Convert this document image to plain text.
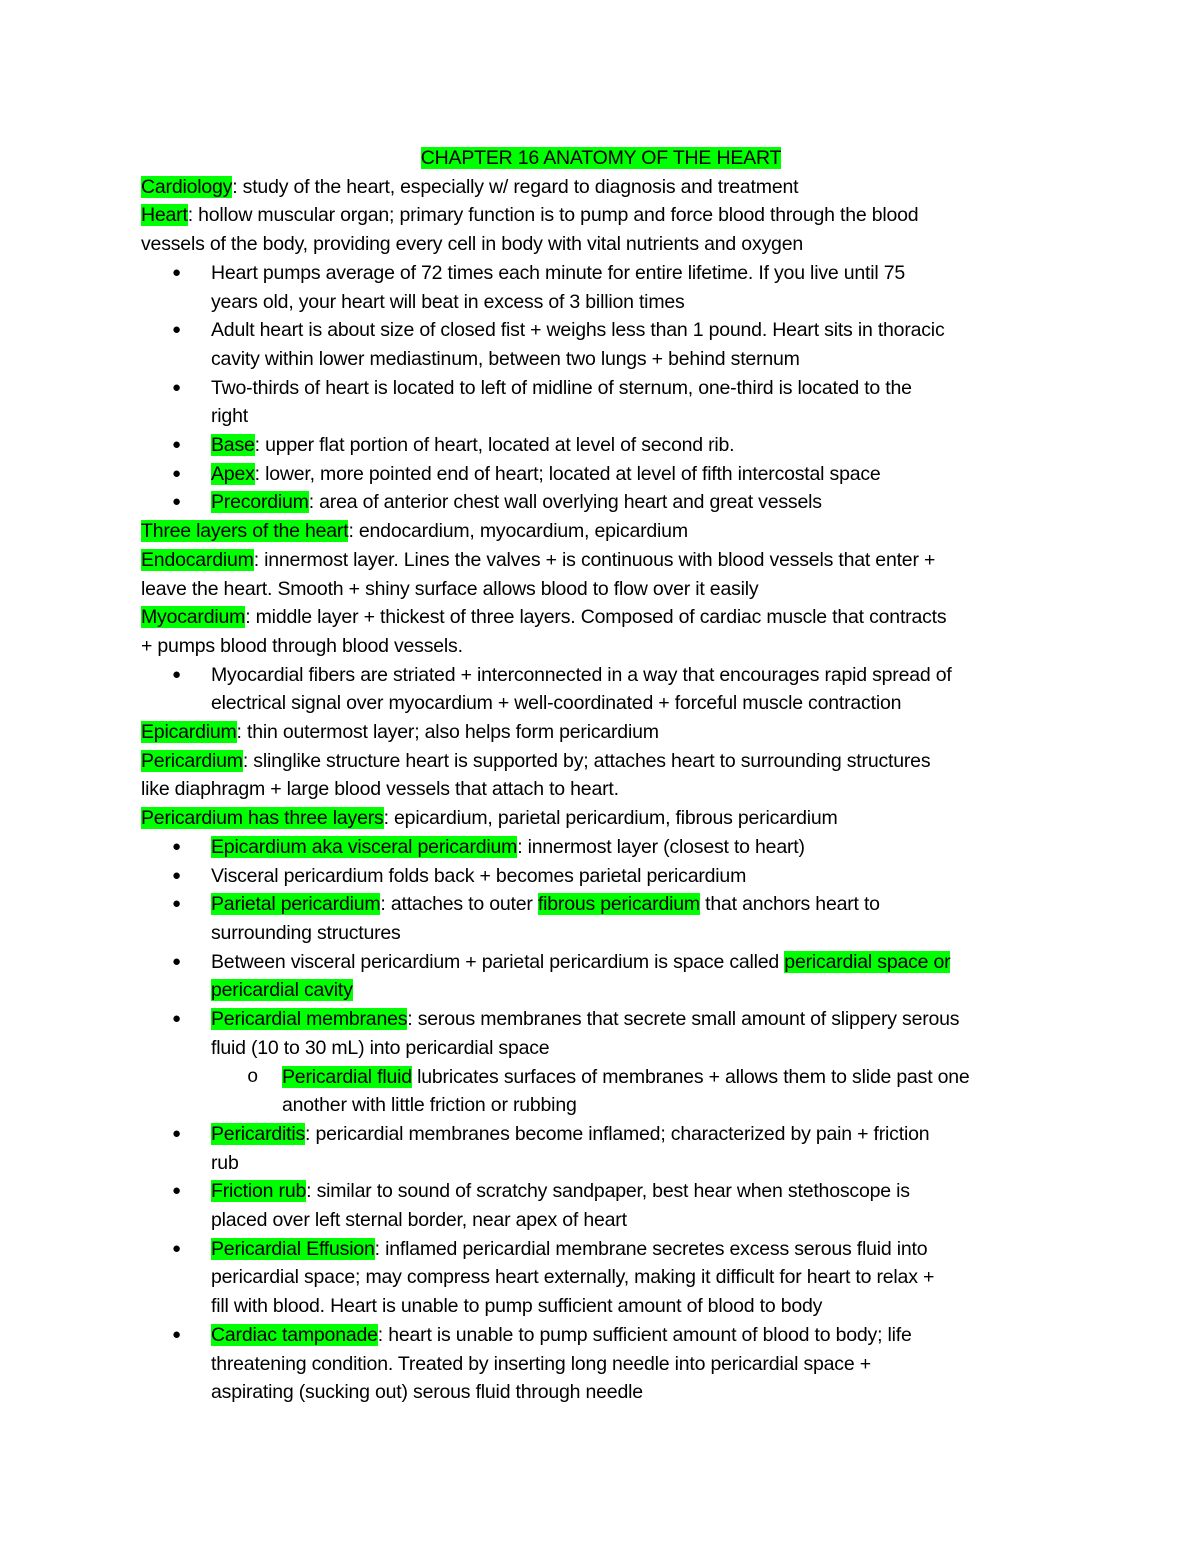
CHAPTER 16 ANATOMY OF THE HEART
Cardiology: study of the heart, especially w/ regard to diagnosis and treatment
Heart: hollow muscular organ; primary function is to pump and force blood through the blood
vessels of the body, providing every cell in body with vital nutrients and oxygen
● Heart pumps average of 72 times each minute for entire lifetime. If you live until 75
years old, your heart will beat in excess of 3 billion times
● Adult heart is about size of closed fist + weighs less than 1 pound. Heart sits in thoracic
cavity within lower mediastinum, between two lungs + behind sternum
● Two-thirds of heart is located to left of midline of sternum, one-third is located to the
right
● Base: upper flat portion of heart, located at level of second rib.
● Apex: lower, more pointed end of heart; located at level of fifth intercostal space
● Precordium: area of anterior chest wall overlying heart and great vessels
Three layers of the heart: endocardium, myocardium, epicardium
Endocardium: innermost layer. Lines the valves + is continuous with blood vessels that enter +
leave the heart. Smooth + shiny surface allows blood to flow over it easily
Myocardium: middle layer + thickest of three layers. Composed of cardiac muscle that contracts
+ pumps blood through blood vessels.
● Myocardial fibers are striated + interconnected in a way that encourages rapid spread of
electrical signal over myocardium + well-coordinated + forceful muscle contraction
Epicardium: thin outermost layer; also helps form pericardium
Pericardium: slinglike structure heart is supported by; attaches heart to surrounding structures
like diaphragm + large blood vessels that attach to heart.
Pericardium has three layers: epicardium, parietal pericardium, fibrous pericardium
● Epicardium aka visceral pericardium: innermost layer (closest to heart)
● Visceral pericardium folds back + becomes parietal pericardium
● Parietal pericardium: attaches to outer fibrous pericardium that anchors heart to
surrounding structures
● Between visceral pericardium + parietal pericardium is space called pericardial space or
pericardial cavity
● Pericardial membranes: serous membranes that secrete small amount of slippery serous
fluid (10 to 30 mL) into pericardial space
o Pericardial fluid lubricates surfaces of membranes + allows them to slide past one
another with little friction or rubbing
● Pericarditis: pericardial membranes become inflamed; characterized by pain + friction
rub
● Friction rub: similar to sound of scratchy sandpaper, best hear when stethoscope is
placed over left sternal border, near apex of heart
● Pericardial Effusion: inflamed pericardial membrane secretes excess serous fluid into
pericardial space; may compress heart externally, making it difficult for heart to relax +
fill with blood. Heart is unable to pump sufficient amount of blood to body
● Cardiac tamponade: heart is unable to pump sufficient amount of blood to body; life
threatening condition. Treated by inserting long needle into pericardial space +
aspirating (sucking out) serous fluid through needle
